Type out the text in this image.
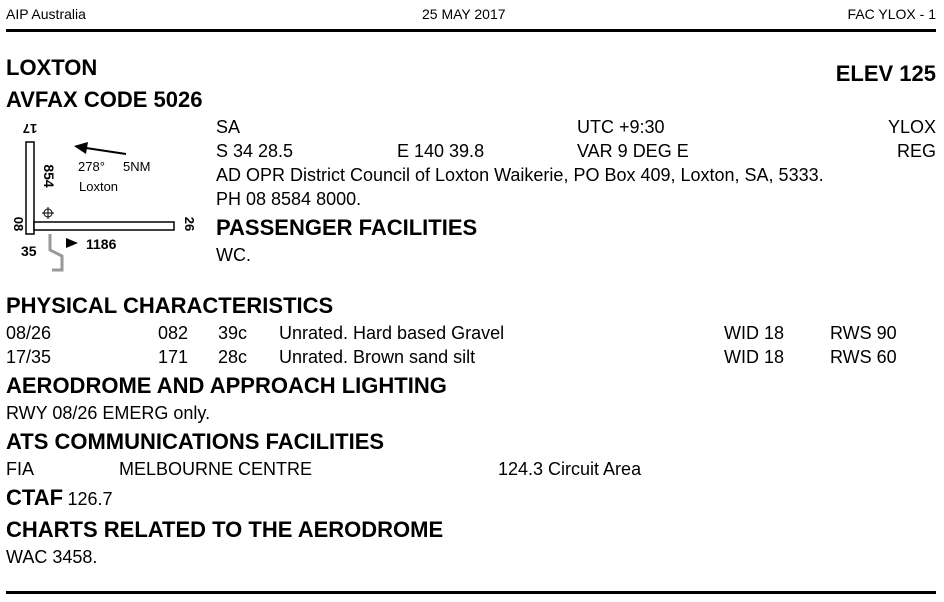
AIP Australia	25 MAY 2017	FAC YLOX - 1
LOXTON	ELEV 125
AVFAX CODE 5026
17
08	26
35
854
1186
278° 5NM
Loxton
SA	UTC +9:30	YLOX
S 34 28.5	E 140 39.8	VAR 9 DEG E	REG
AD OPR District Council of Loxton Waikerie, PO Box 409, Loxton, SA, 5333.
PH 08 8584 8000.
PASSENGER FACILITIES
WC.
PHYSICAL CHARACTERISTICS
08/26	082 39c Unrated. Hard based Gravel	WID 18	RWS 90
17/35	171 28c Unrated. Brown sand silt	WID 18	RWS 60
AERODROME AND APPROACH LIGHTING
RWY 08/26 EMERG only.
ATS COMMUNICATIONS FACILITIES
FIA	MELBOURNE CENTRE	124.3 Circuit Area
CTAF 126.7
CHARTS RELATED TO THE AERODROME
WAC 3458.
